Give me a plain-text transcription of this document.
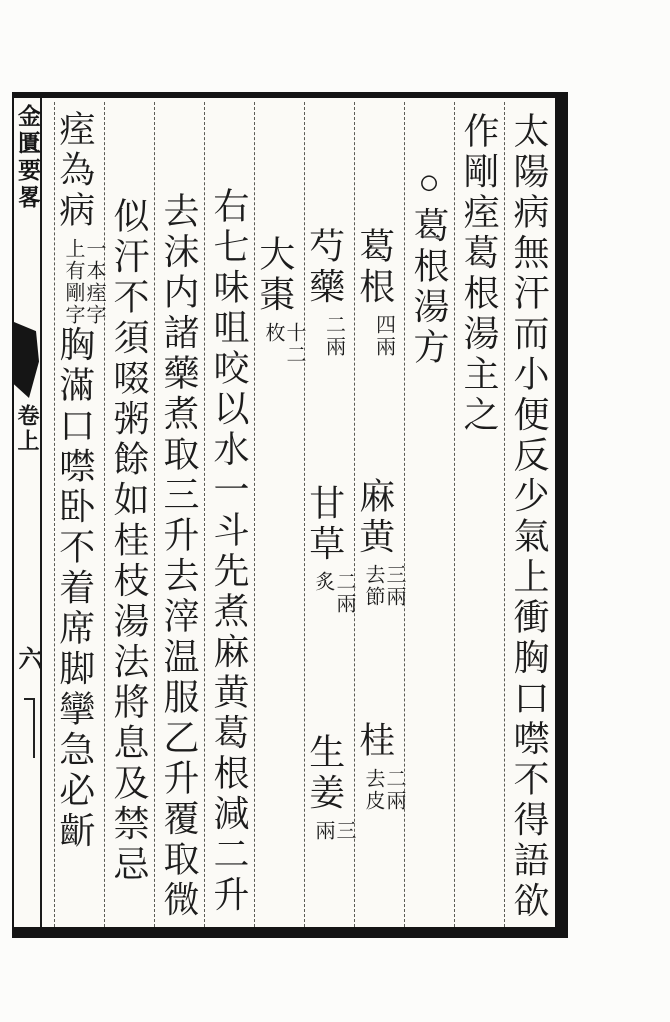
金匱要畧
卷上
六	太陽病無汗而小便反少氣上衝胸口噤不得語欲
作剛痓葛根湯主之
○葛根湯方
葛根
四兩
麻黄
三兩
去節
桂
二兩
去皮
芍藥
二兩
甘草
二兩
炙
生姜
三
兩
大棗
十二
枚
右七味咀咬以水一斗先煮麻黄葛根減二升
去沫内諸藥煮取三升去滓温服乙升覆取微
似汗不須啜粥餘如桂枝湯法將息及禁忌
痓為病
一本痓字
上有剛字
胸滿口噤卧不着席脚攣急必齗
